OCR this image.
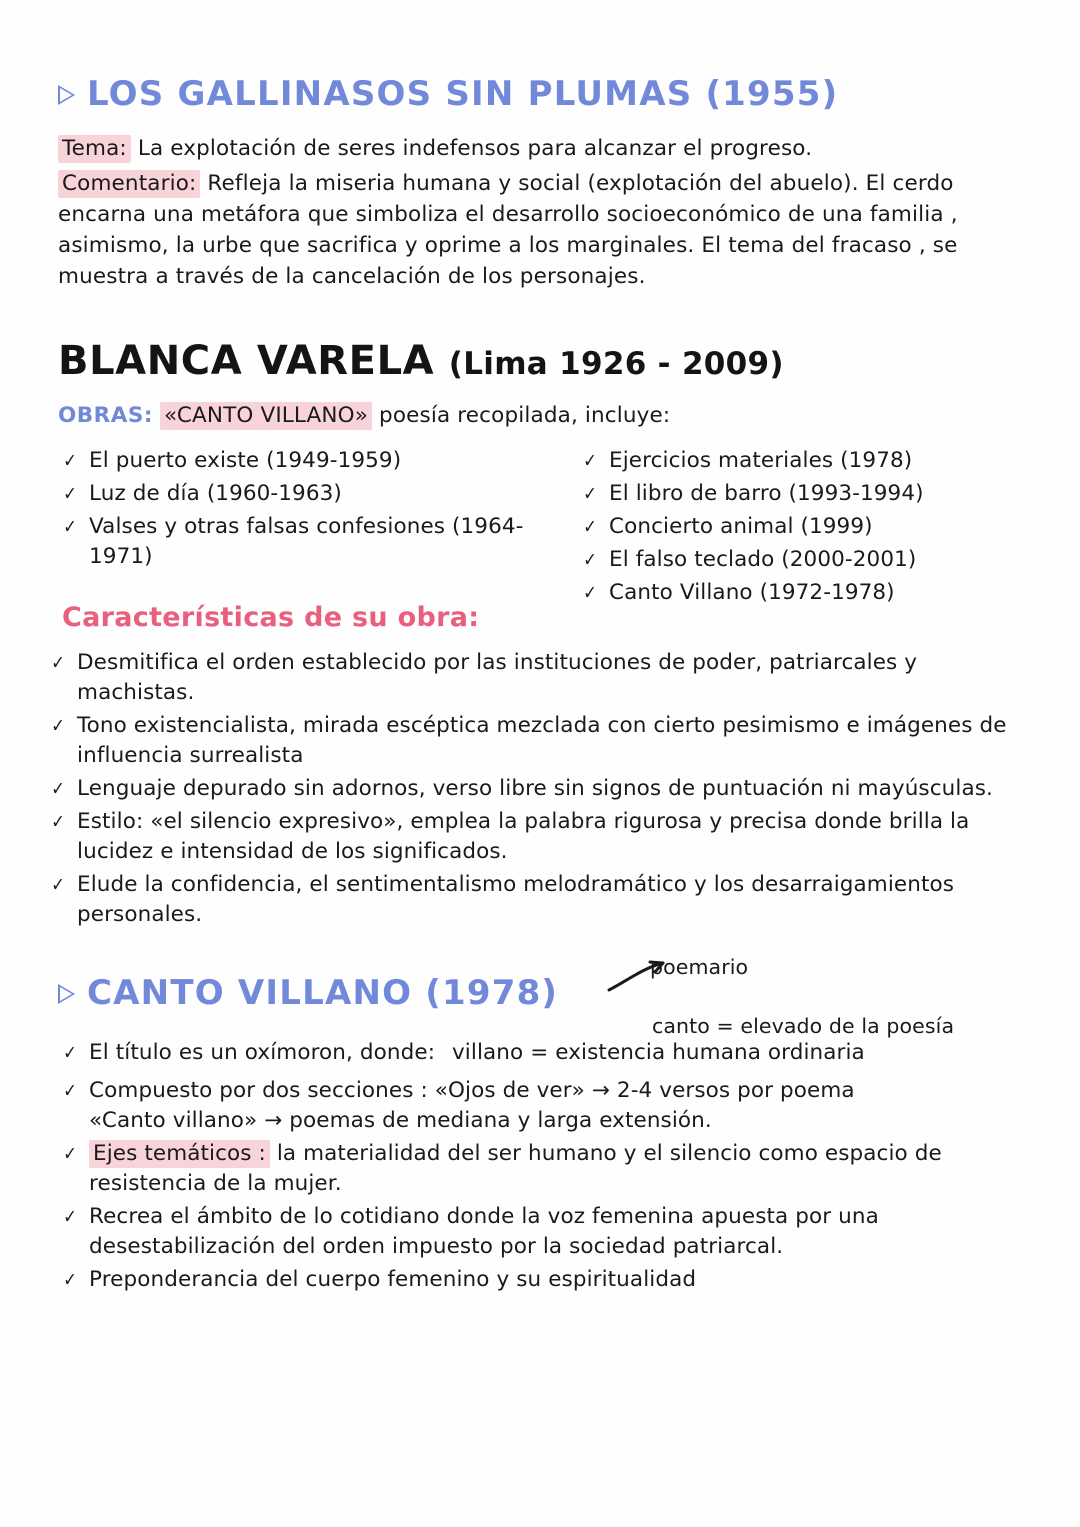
LOS GALLINASOS SIN PLUMAS (1955)
Tema: La explotación de seres indefensos para alcanzar el progreso.
Comentario: Refleja la miseria humana y social (explotación del abuelo). El cerdo encarna una metáfora que simboliza el desarrollo socioeconómico de una familia , asimismo, la urbe que sacrifica y oprime a los marginales. El tema del fracaso , se muestra a través de la cancelación de los personajes.
BLANCA VARELA (Lima 1926 - 2009)
OBRAS: «CANTO VILLANO» poesía recopilada, incluye:
✓ El puerto existe (1949-1959)
✓ Luz de día (1960-1963)
✓ Valses y otras falsas confesiones (1964-1971)
✓ Ejercicios materiales (1978)
✓ El libro de barro (1993-1994)
✓ Concierto animal (1999)
✓ El falso teclado (2000-2001)
✓ Canto Villano (1972-1978)
Características de su obra:
✓ Desmitifica el orden establecido por las instituciones de poder, patriarcales y machistas.
✓ Tono existencialista, mirada escéptica mezclada con cierto pesimismo e imágenes de influencia surrealista
✓ Lenguaje depurado sin adornos, verso libre sin signos de puntuación ni mayúsculas.
✓ Estilo: «el silencio expresivo», emplea la palabra rigurosa y precisa donde brilla la lucidez e intensidad de los significados.
✓ Elude la confidencia, el sentimentalismo melodramático y los desarraigamientos personales.
CANTO VILLANO (1978)
poemario
canto = elevado de la poesía
✓ El título es un oxímoron, donde: villano = existencia humana ordinaria
✓ Compuesto por dos secciones : «Ojos de ver» → 2-4 versos por poema
«Canto villano» → poemas de mediana y larga extensión.
✓ Ejes temáticos : la materialidad del ser humano y el silencio como espacio de resistencia de la mujer.
✓ Recrea el ámbito de lo cotidiano donde la voz femenina apuesta por una desestabilización del orden impuesto por la sociedad patriarcal.
✓ Preponderancia del cuerpo femenino y su espiritualidad
